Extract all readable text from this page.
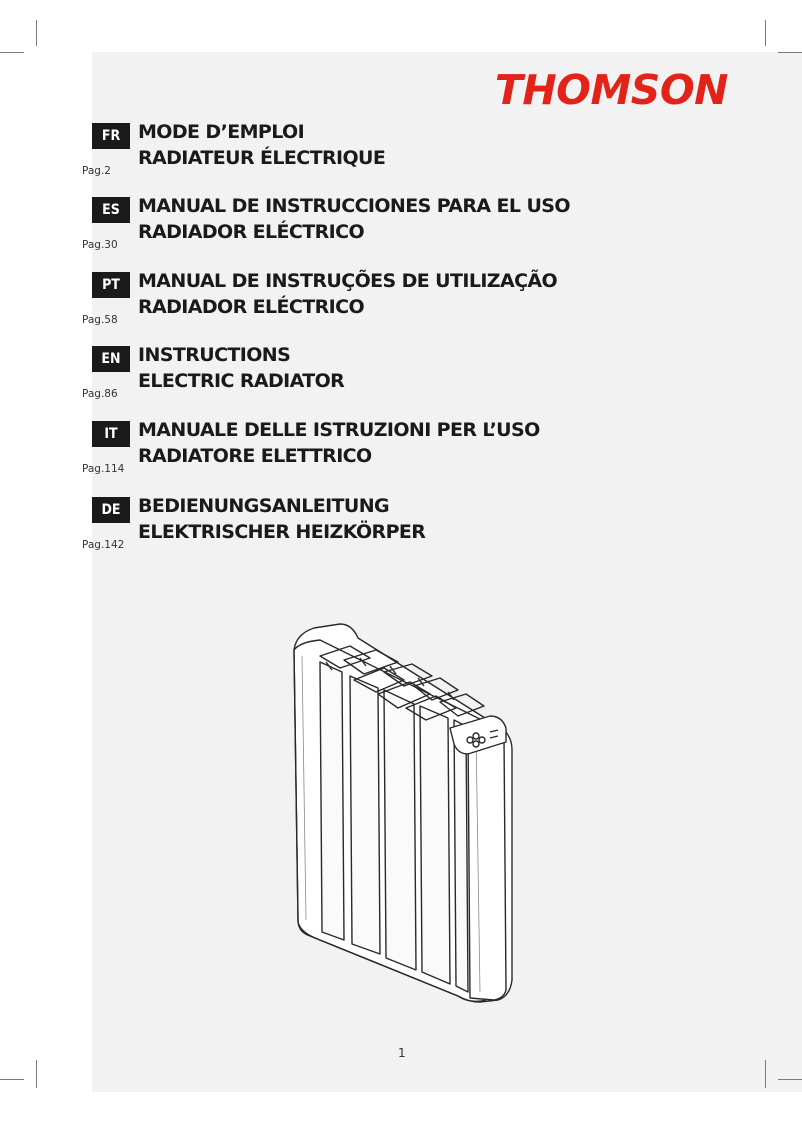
THOMSON
FR
Pag.2
MODE D’EMPLOI
RADIATEUR ÉLECTRIQUE
ES
Pag.30
MANUAL DE INSTRUCCIONES PARA EL USO
RADIADOR ELÉCTRICO
PT
Pag.58
MANUAL DE INSTRUÇÕES DE UTILIZAÇÃO
RADIADOR ELÉCTRICO
EN
Pag.86
INSTRUCTIONS
ELECTRIC RADIATOR
IT
Pag.114
MANUALE DELLE ISTRUZIONI PER L’USO
RADIATORE ELETTRICO
DE
Pag.142
BEDIENUNGSANLEITUNG
ELEKTRISCHER HEIZKÖRPER
1
